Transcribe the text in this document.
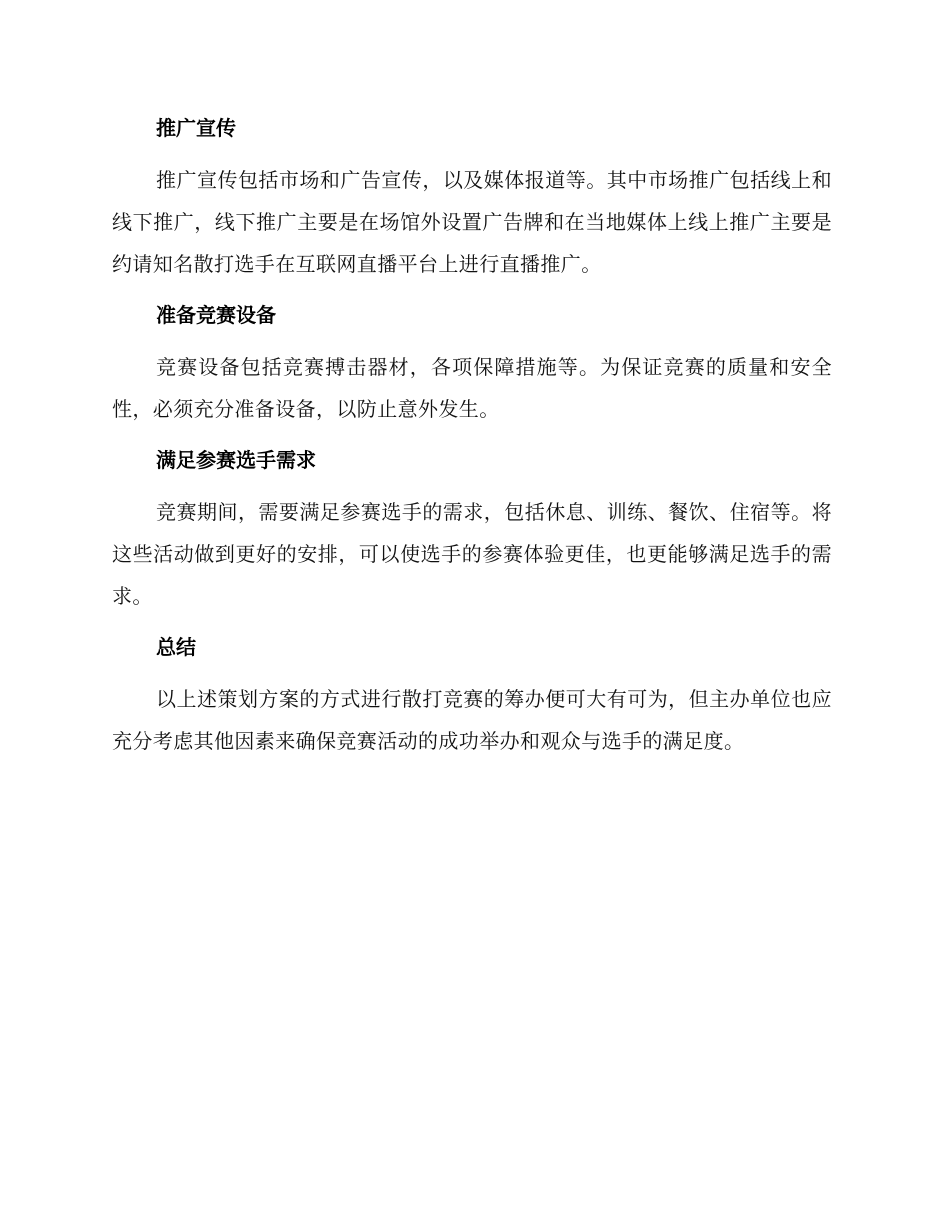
推广宣传

推广宣传包括市场和广告宣传，以及媒体报道等。其中市场推广包括线上和线下推广，线下推广主要是在场馆外设置广告牌和在当地媒体上线上推广主要是约请知名散打选手在互联网直播平台上进行直播推广。

准备竞赛设备

竞赛设备包括竞赛搏击器材，各项保障措施等。为保证竞赛的质量和安全性，必须充分准备设备，以防止意外发生。

满足参赛选手需求

竞赛期间，需要满足参赛选手的需求，包括休息、训练、餐饮、住宿等。将这些活动做到更好的安排，可以使选手的参赛体验更佳，也更能够满足选手的需求。

总结

以上述策划方案的方式进行散打竞赛的筹办便可大有可为，但主办单位也应充分考虑其他因素来确保竞赛活动的成功举办和观众与选手的满足度。
